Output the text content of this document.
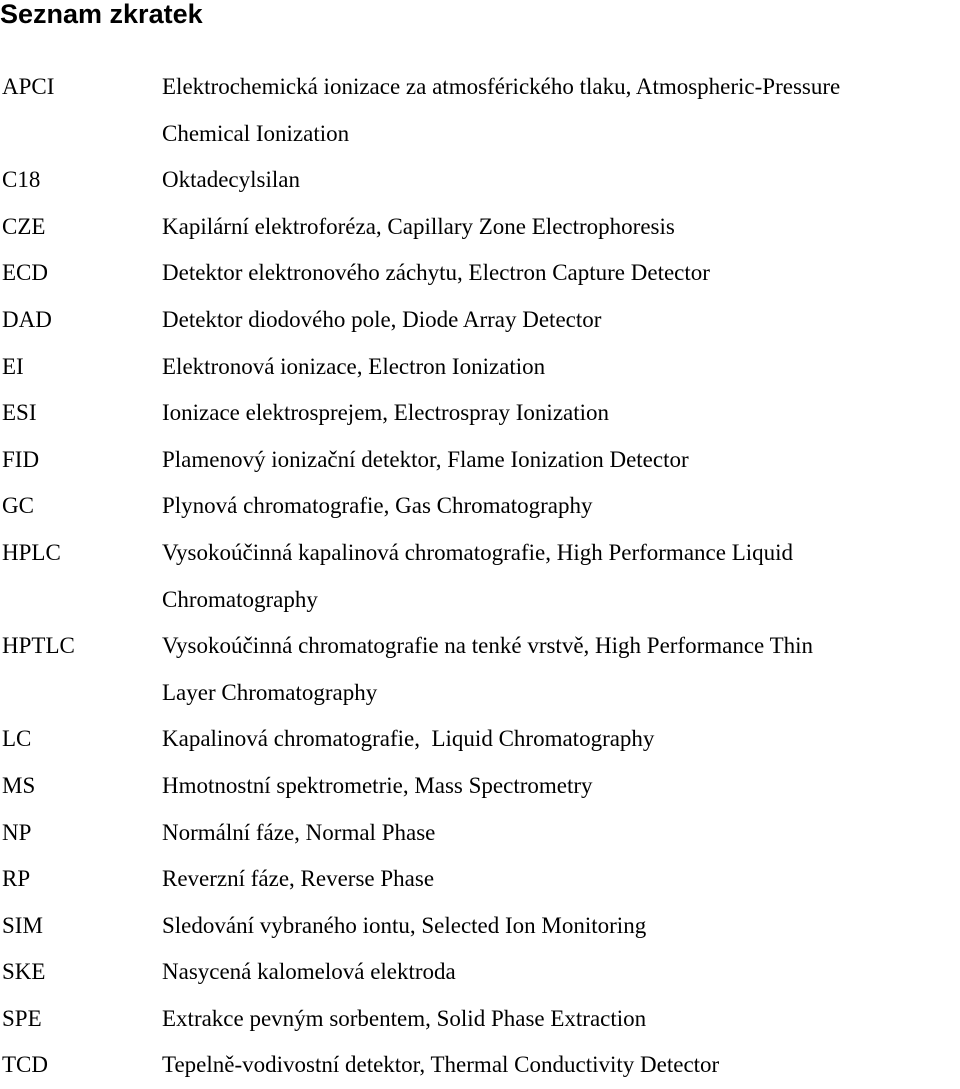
Seznam zkratek
APCI	Elektrochemická ionizace za atmosférického tlaku, Atmospheric-Pressure
Chemical Ionization
C18	Oktadecylsilan
CZE	Kapilární elektroforéza, Capillary Zone Electrophoresis
ECD	Detektor elektronového záchytu, Electron Capture Detector
DAD	Detektor diodového pole, Diode Array Detector
EI	Elektronová ionizace, Electron Ionization
ESI	Ionizace elektrosprejem, Electrospray Ionization
FID	Plamenový ionizační detektor, Flame Ionization Detector
GC	Plynová chromatografie, Gas Chromatography
HPLC	Vysokoúčinná kapalinová chromatografie, High Performance Liquid
Chromatography
HPTLC	Vysokoúčinná chromatografie na tenké vrstvě, High Performance Thin
Layer Chromatography
LC	Kapalinová chromatografie,  Liquid Chromatography
MS	Hmotnostní spektrometrie, Mass Spectrometry
NP	Normální fáze, Normal Phase
RP	Reverzní fáze, Reverse Phase
SIM	Sledování vybraného iontu, Selected Ion Monitoring
SKE	Nasycená kalomelová elektroda
SPE	Extrakce pevným sorbentem, Solid Phase Extraction
TCD	Tepelně-vodivostní detektor, Thermal Conductivity Detector
